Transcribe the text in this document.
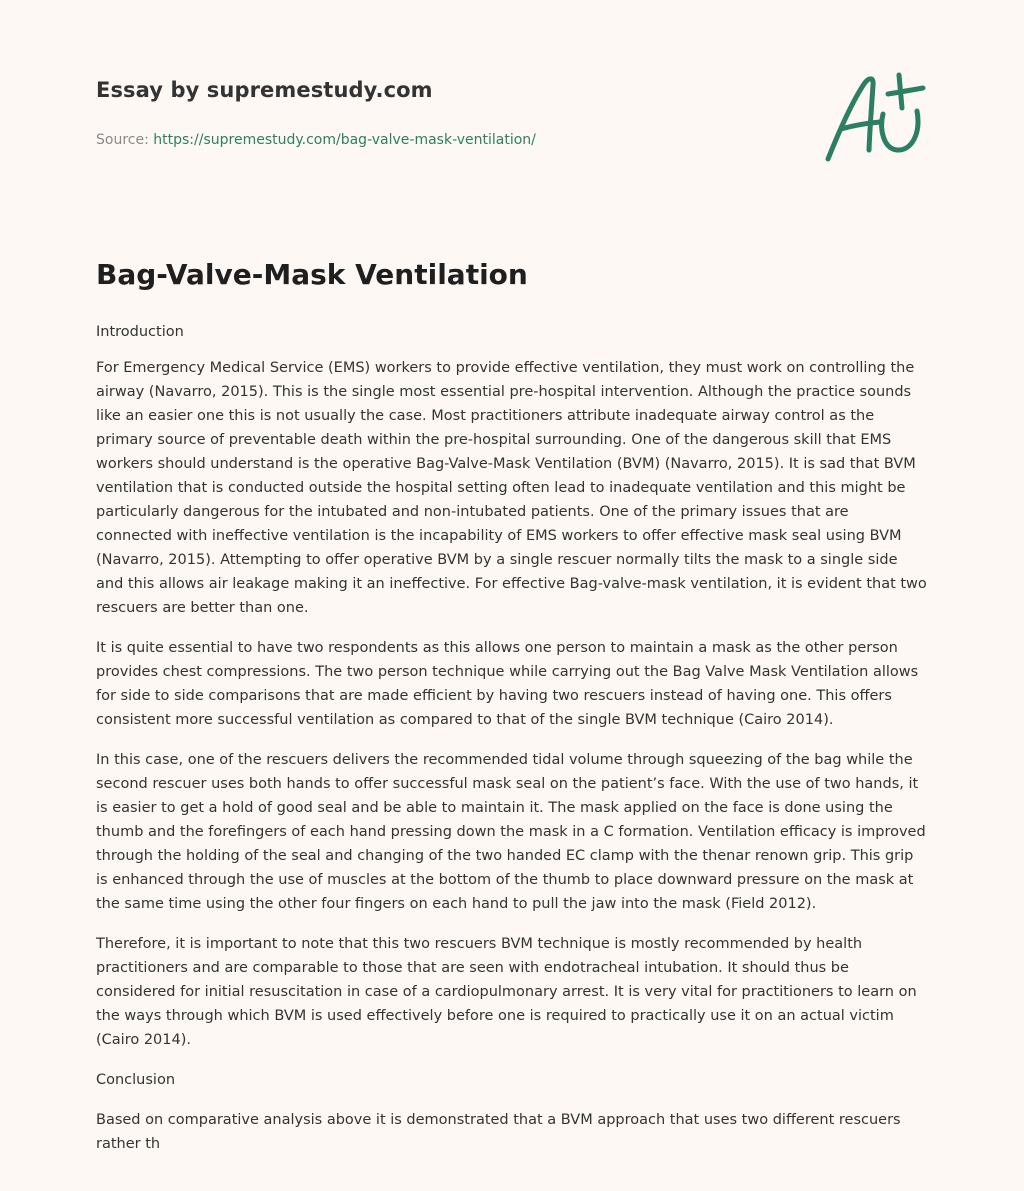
Essay by supremestudy.com
Source: https://supremestudy.com/bag-valve-mask-ventilation/
Bag-Valve-Mask Ventilation

Introduction

For Emergency Medical Service (EMS) workers to provide effective ventilation, they must work on controlling the airway (Navarro, 2015). This is the single most essential pre-hospital intervention. Although the practice sounds like an easier one this is not usually the case. Most practitioners attribute inadequate airway control as the primary source of preventable death within the pre-hospital surrounding. One of the dangerous skill that EMS workers should understand is the operative Bag-Valve-Mask Ventilation (BVM) (Navarro, 2015). It is sad that BVM ventilation that is conducted outside the hospital setting often lead to inadequate ventilation and this might be particularly dangerous for the intubated and non-intubated patients. One of the primary issues that are connected with ineffective ventilation is the incapability of EMS workers to offer effective mask seal using BVM (Navarro, 2015). Attempting to offer operative BVM by a single rescuer normally tilts the mask to a single side and this allows air leakage making it an ineffective. For effective Bag-valve-mask ventilation, it is evident that two rescuers are better than one.

It is quite essential to have two respondents as this allows one person to maintain a mask as the other person provides chest compressions. The two person technique while carrying out the Bag Valve Mask Ventilation allows for side to side comparisons that are made efficient by having two rescuers instead of having one. This offers consistent more successful ventilation as compared to that of the single BVM technique (Cairo 2014).

In this case, one of the rescuers delivers the recommended tidal volume through squeezing of the bag while the second rescuer uses both hands to offer successful mask seal on the patient’s face. With the use of two hands, it is easier to get a hold of good seal and be able to maintain it. The mask applied on the face is done using the thumb and the forefingers of each hand pressing down the mask in a C formation. Ventilation efficacy is improved through the holding of the seal and changing of the two handed EC clamp with the thenar renown grip. This grip is enhanced through the use of muscles at the bottom of the thumb to place downward pressure on the mask at the same time using the other four fingers on each hand to pull the jaw into the mask (Field 2012).

Therefore, it is important to note that this two rescuers BVM technique is mostly recommended by health practitioners and are comparable to those that are seen with endotracheal intubation. It should thus be considered for initial resuscitation in case of a cardiopulmonary arrest. It is very vital for practitioners to learn on the ways through which BVM is used effectively before one is required to practically use it on an actual victim (Cairo 2014).

Conclusion

Based on comparative analysis above it is demonstrated that a BVM approach that uses two different rescuers rather th
